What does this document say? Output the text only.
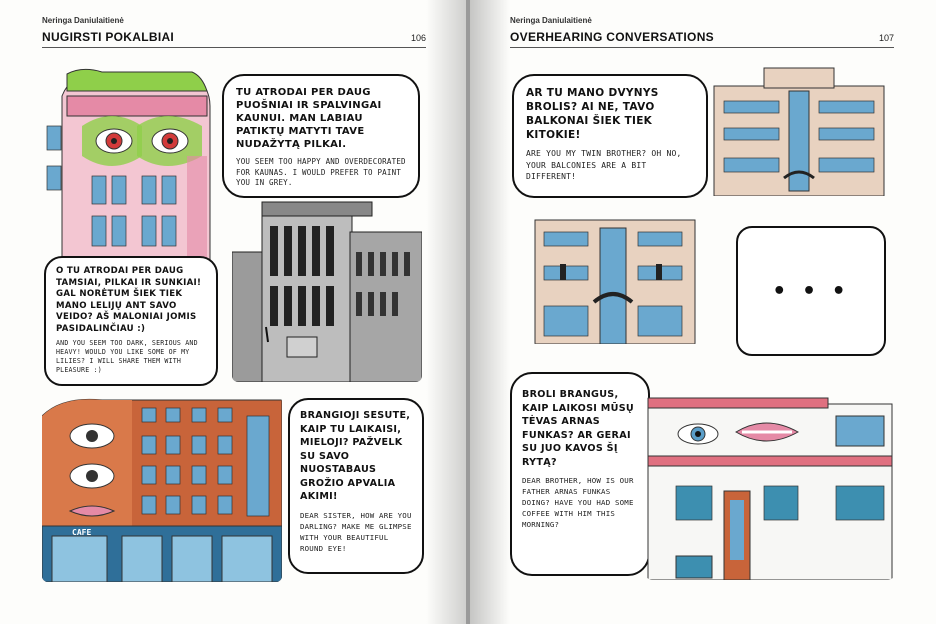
Neringa Daniulaitienė
NUGIRSTI POKALBIAI	106
TU ATRODAI PER DAUG PUOŠNIAI IR SPALVINGAI KAUNUI. MAN LABIAU PATIKTŲ MATYTI TAVE NUDAŽYTĄ PILKAI.
YOU SEEM TOO HAPPY AND OVERDECORATED FOR KAUNAS. I WOULD PREFER TO PAINT YOU IN GREY.
O TU ATRODAI PER DAUG TAMSIAI, PILKAI IR SUNKIAI! GAL NORĖTUM ŠIEK TIEK MANO LELIJŲ ANT SAVO VEIDO? AŠ MALONIAI JOMIS PASIDALINČIAU :)
AND YOU SEEM TOO DARK, SERIOUS AND HEAVY! WOULD YOU LIKE SOME OF MY LILIES? I WILL SHARE THEM WITH PLEASURE :)
CAFE
BRANGIOJI SESUTE, KAIP TU LAIKAISI, MIELOJI? PAŽVELK SU SAVO NUOSTABAUS GROŽIO APVALIA AKIMI!
DEAR SISTER, HOW ARE YOU DARLING? MAKE ME GLIMPSE WITH YOUR BEAUTIFUL ROUND EYE!
Neringa Daniulaitienė
OVERHEARING CONVERSATIONS	107
AR TU MANO DVYNYS BROLIS? AI NE, TAVO BALKONAI ŠIEK TIEK KITOKIE!
ARE YOU MY TWIN BROTHER? OH NO, YOUR BALCONIES ARE A BIT DIFFERENT!
• • •
BROLI BRANGUS, KAIP LAIKOSI MŪSŲ TĖVAS ARNAS FUNKAS? AR GERAI SU JUO KAVOS ŠĮ RYTĄ?
DEAR BROTHER, HOW IS OUR FATHER ARNAS FUNKAS DOING? HAVE YOU HAD SOME COFFEE WITH HIM THIS MORNING?
